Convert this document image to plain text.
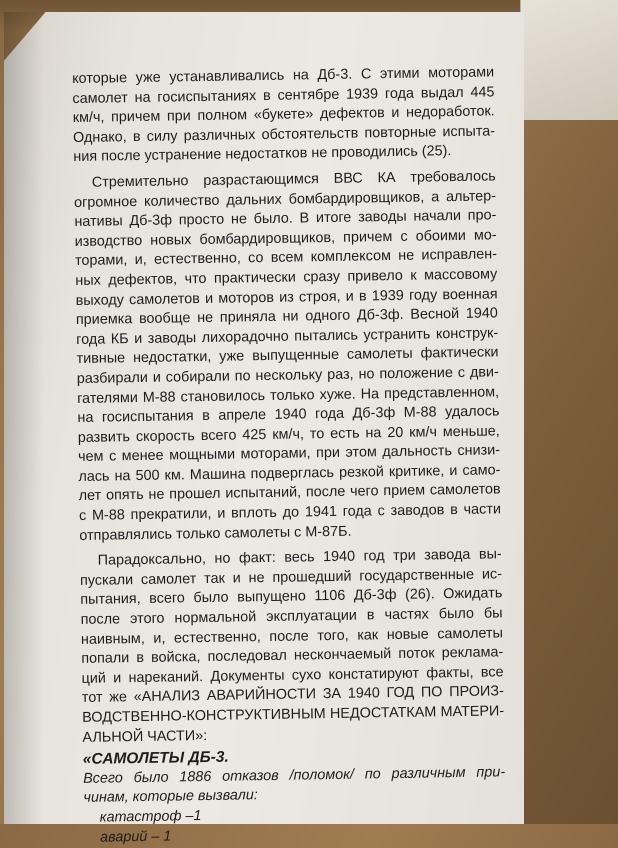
которые уже устанавливались на Дб-3. С этими моторами
самолет на госиспытаниях в сентябре 1939 года выдал 445
км/ч, причем при полном «букете» дефектов и недоработок.
Однако, в силу различных обстоятельств повторные испыта-
ния после устранение недостатков не проводились (25).
Стремительно разрастающимся ВВС КА требовалось
огромное количество дальних бомбардировщиков, а альтер-
нативы Дб-3ф просто не было. В итоге заводы начали про-
изводство новых бомбардировщиков, причем с обоими мо-
торами, и, естественно, со всем комплексом не исправлен-
ных дефектов, что практически сразу привело к массовому
выходу самолетов и моторов из строя, и в 1939 году военная
приемка вообще не приняла ни одного Дб-3ф. Весной 1940
года КБ и заводы лихорадочно пытались устранить конструк-
тивные недостатки, уже выпущенные самолеты фактически
разбирали и собирали по нескольку раз, но положение с дви-
гателями М-88 становилось только хуже. На представленном,
на госиспытания в апреле 1940 года Дб-3ф М-88 удалось
развить скорость всего 425 км/ч, то есть на 20 км/ч меньше,
чем с менее мощными моторами, при этом дальность снизи-
лась на 500 км. Машина подверглась резкой критике, и само-
лет опять не прошел испытаний, после чего прием самолетов
с М-88 прекратили, и вплоть до 1941 года с заводов в части
отправлялись только самолеты с М-87Б.
Парадоксально, но факт: весь 1940 год три завода вы-
пускали самолет так и не прошедший государственные ис-
пытания, всего было выпущено 1106 Дб-3ф (26). Ожидать
после этого нормальной эксплуатации в частях было бы
наивным, и, естественно, после того, как новые самолеты
попали в войска, последовал нескончаемый поток реклама-
ций и нареканий. Документы сухо констатируют факты, все
тот же «АНАЛИЗ АВАРИЙНОСТИ ЗА 1940 ГОД ПО ПРОИЗ-
ВОДСТВЕННО-КОНСТРУКТИВНЫМ НЕДОСТАТКАМ МАТЕРИ-
АЛЬНОЙ ЧАСТИ»:
«САМОЛЕТЫ ДБ-3.
Всего было 1886 отказов /поломок/ по различным при-
чинам, которые вызвали:
катастроф –1
аварий – 1
